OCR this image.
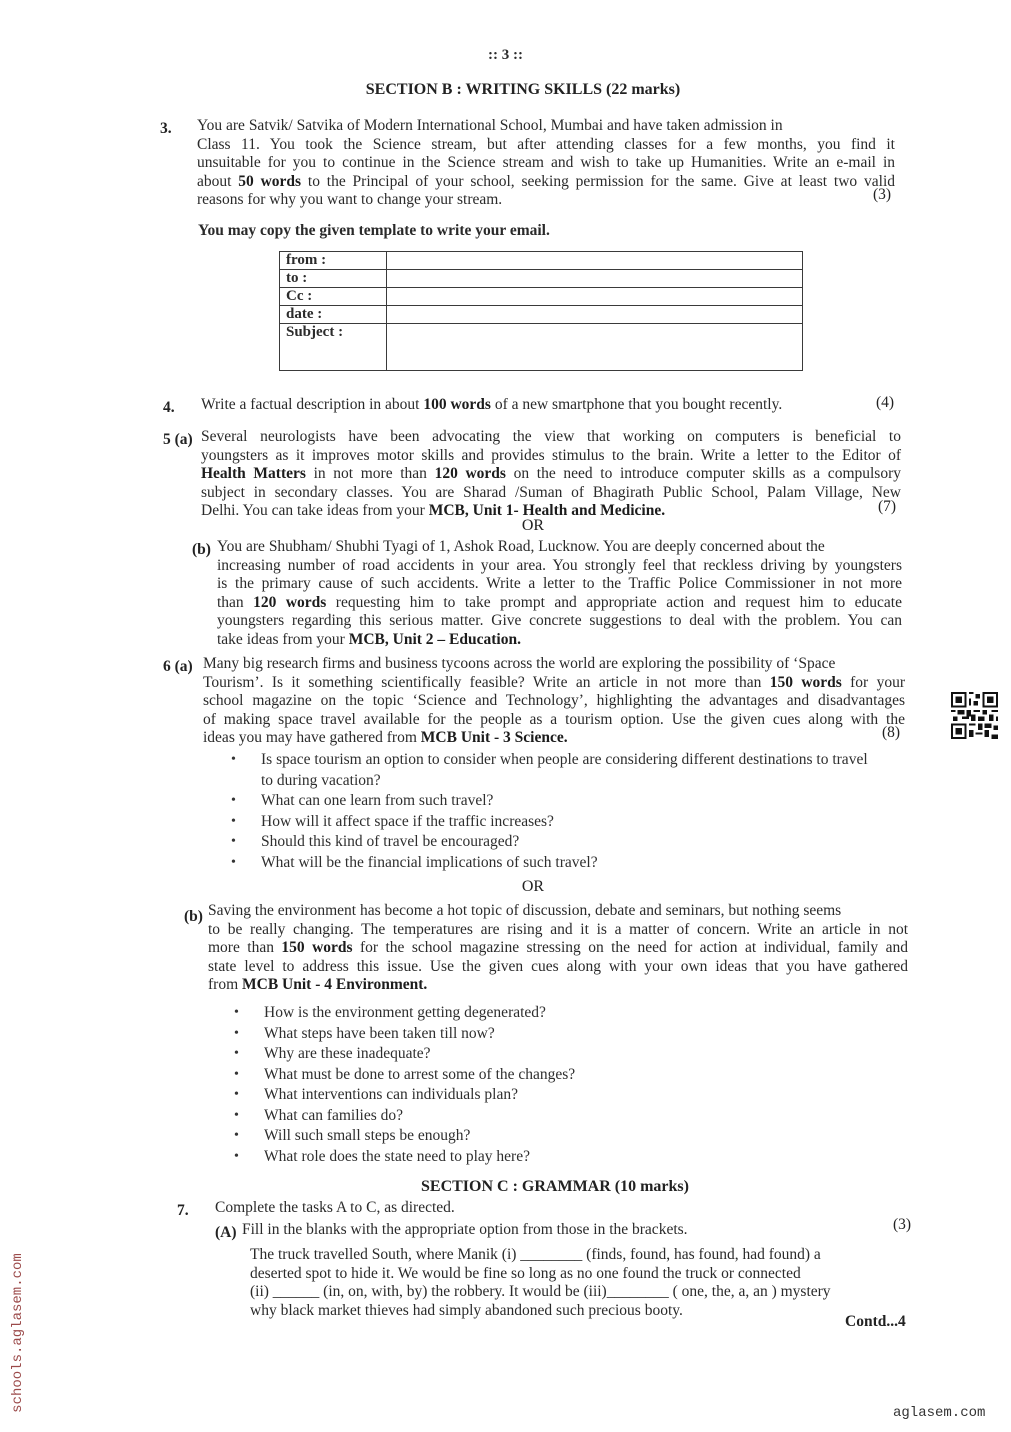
:: 3 ::
SECTION B : WRITING SKILLS (22 marks)
3. You are Satvik/ Satvika of Modern International School, Mumbai and have taken admission in
Class 11. You took the Science stream, but after attending classes for a few months, you find it
unsuitable for you to continue in the Science stream and wish to take up Humanities. Write an e-mail in
about 50 words to the Principal of your school, seeking permission for the same. Give at least two valid
reasons for why you want to change your stream.	(3)
You may copy the given template to write your email.
from :	
to :	
Cc :	
date :	
Subject :	
4. Write a factual description in about 100 words of a new smartphone that you bought recently.	(4)
5 (a) Several neurologists have been advocating the view that working on computers is beneficial to
youngsters as it improves motor skills and provides stimulus to the brain. Write a letter to the Editor of
Health Matters in not more than 120 words on the need to introduce computer skills as a compulsory
subject in secondary classes. You are Sharad /Suman of Bhagirath Public School, Palam Village, New
Delhi. You can take ideas from your MCB, Unit 1- Health and Medicine.	(7)
OR
(b) You are Shubham/ Shubhi Tyagi of 1, Ashok Road, Lucknow. You are deeply concerned about the
increasing number of road accidents in your area. You strongly feel that reckless driving by youngsters
is the primary cause of such accidents. Write a letter to the Traffic Police Commissioner in not more
than 120 words requesting him to take prompt and appropriate action and request him to educate
youngsters regarding this serious matter. Give concrete suggestions to deal with the problem. You can
take ideas from your MCB, Unit 2 – Education.
6 (a) Many big research firms and business tycoons across the world are exploring the possibility of ‘Space
Tourism’. Is it something scientifically feasible? Write an article in not more than 150 words for your
school magazine on the topic ‘Science and Technology’, highlighting the advantages and disadvantages
of making space travel available for the people as a tourism option. Use the given cues along with the
ideas you may have gathered from MCB Unit - 3 Science.	(8)
• Is space tourism an option to consider when people are considering different destinations to travel to during vacation?
• What can one learn from such travel?
• How will it affect space if the traffic increases?
• Should this kind of travel be encouraged?
• What will be the financial implications of such travel?
OR
(b) Saving the environment has become a hot topic of discussion, debate and seminars, but nothing seems
to be really changing. The temperatures are rising and it is a matter of concern. Write an article in not
more than 150 words for the school magazine stressing on the need for action at individual, family and
state level to address this issue. Use the given cues along with your own ideas that you have gathered
from MCB Unit - 4 Environment.
• How is the environment getting degenerated?
• What steps have been taken till now?
• Why are these inadequate?
• What must be done to arrest some of the changes?
• What interventions can individuals plan?
• What can families do?
• Will such small steps be enough?
• What role does the state need to play here?
SECTION C : GRAMMAR (10 marks)
7. Complete the tasks A to C, as directed.
(A) Fill in the blanks with the appropriate option from those in the brackets.	(3)
The truck travelled South, where Manik (i) ________ (finds, found, has found, had found) a
deserted spot to hide it. We would be fine so long as no one found the truck or connected
(ii) ______ (in, on, with, by) the robbery. It would be (iii)________ ( one, the, a, an ) mystery
why black market thieves had simply abandoned such precious booty.
Contd...4
schools.aglasem.com
aglasem.com
